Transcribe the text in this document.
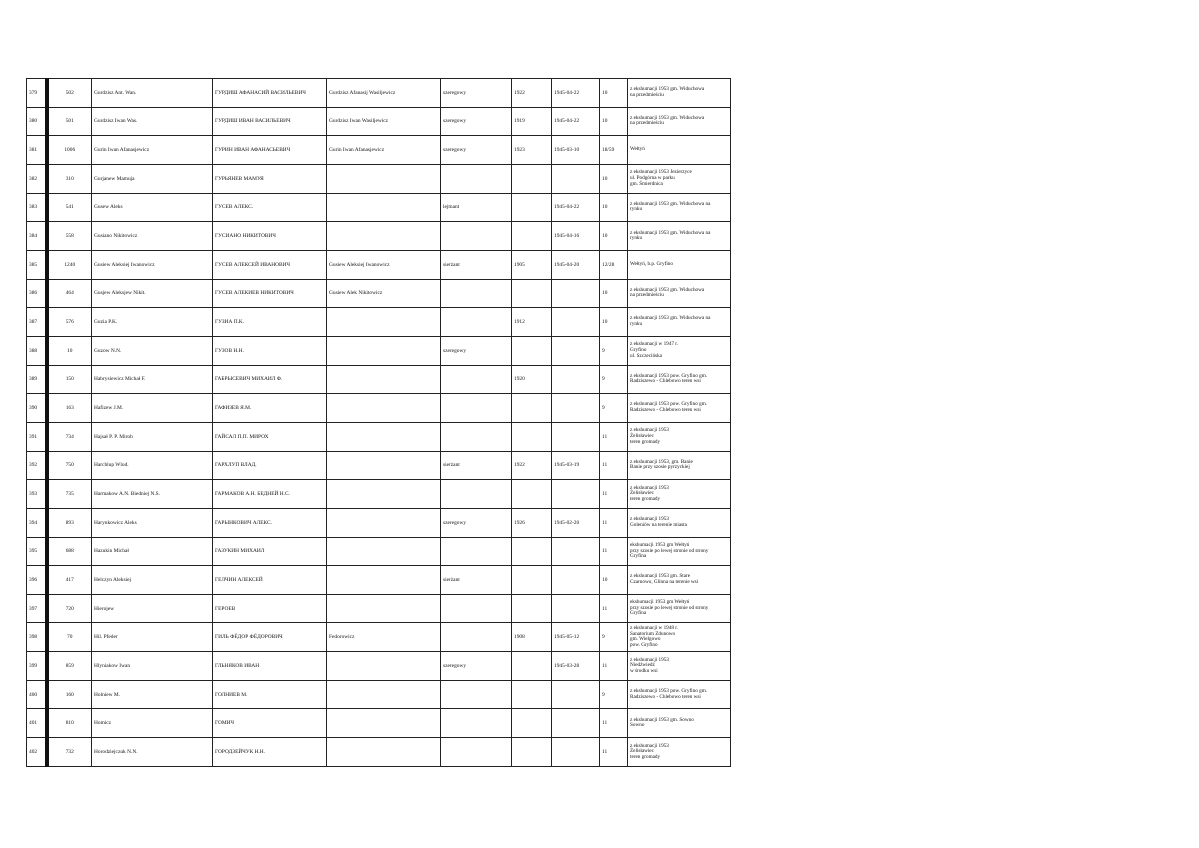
379	502	Gurdzisz Ant. Wan.	ГУРДИШ АФАНАСИЙ ВАСИЛЬЕВИЧ	Gurdzisz Afanasij Wasiljewicz	szeregowy	1922	1945-04-22	10	z ekshumacji 1953 gm. Widuchowa
na przedmieściu
380	501	Gurdzisz Iwan Was.	ГУРДИШ ИВАН ВАСИЛЬЕВИЧ	Gurdzisz Iwan Wasiljewicz	szeregowy	1919	1945-04-22	10	z ekshumacji 1953 gm. Widuchowa
na przedmieściu
381	1006	Gurin Iwan Afanasjewicz	ГУРИН ИВАН АФАНАСЬЕВИЧ	Gurin Iwan Afanasjewicz	szeregowy	1923	1945-03-10	18/59	Wełtyń
382	310	Gurjanew Mamuja	ГУРЬЯНЕВ МАМУЯ					10	z ekshumacji 1953 Jezierzyce
ul. Podgórna w parku
gm. Śmierdnica
383	541	Gusew Aleks	ГУСЕВ АЛЕКС.		lejtnant		1945-04-22	10	z ekshumacji 1953 gm. Widuchowa na
rynku
384	558	Gusiano Nikitowicz	ГУСИАНО НИКИТОВИЧ				1945-04-16	10	z ekshumacji 1953 gm. Widuchowa na
rynku
385	1240	Gusiew Aleksiej Iwanowicz	ГУСЕВ АЛЕКСЕЙ ИВАНОВИЧ	Gusiew Aleksiej Iwanowicz	sierżant	1905	1945-04-20	12/28	Wełtyń, b.p. Gryfino
386	464	Gusjew Aleksjew Nikit.	ГУСЕВ АЛЕКИЕВ НИКИТОВИЧ	Gusiew Alek Nikitowicz				10	z ekshumacji 1953 gm. Widuchowa
na przedmieściu
387	576	Guzia P.K.	ГУЗИА П.К.			1912		10	z ekshumacji 1953 gm. Widuchowa na
rynku
388	10	Guzow N.N.	ГУЗОВ Н.Н.		szeregowy			9	z ekshumacji w 1947 r.
Gryfino
ul. Szczecińska
389	150	Habrysiewicz Michał F.	ГАБРЫСЕВИЧ МИХАИЛ Ф.			1920		9	z ekshumacji 1953 pow. Gryfino gm.
Radziszewo - Chlebowo teren wsi
390	163	Hafizew J.M.	ГАФИЗЕВ Я.М.					9	z ekshumacji 1953 pow. Gryfino gm.
Radziszewo - Chlebowo teren wsi
391	734	Hajsał P. P. Mirob	ГАЙСАЛ П.П. МИРОХ					11	z ekshumacji 1953
Żelisławiec
teren gromady
392	750	Harchlup Wlod.	ГАРХЛУП ВЛАД.		sierżant	1922	1945-03-19	11	z ekshumacji 1953, gm. Banie
Banie przy szosie pyrzyckiej
393	735	Harmakow A.N. Biedniej N.S.	ГАРМАКОВ А.Н. БЕДНЕЙ Н.С.					11	z ekshumacji 1953
Żelisławiec
teren gromady
394	893	Harynkowicz Aleks	ГАРЫНКОВИЧ АЛЕКС.		szeregowy	1926	1945-02-20	11	z ekshumacji 1953
Goleniów na terenie miasta
395	688	Hazukin Michał	ГАЗУКИН МИХАИЛ					11	ekshumacji 1953 gm Wełtyń
przy szosie po lewej stronie od strony
Gryfina
396	417	Helczyn Aleksiej	ГЕЛЧИН АЛЕКСЕЙ		sierżant			10	z ekshumacji 1953 gm. Stare
Czarnowo, Glinna na terenie wsi
397	720	Hierojew	ГЕРОЕВ					11	ekshumacji 1953 gm Wełtyń
przy szosie po lewej stronie od strony
Gryfina
398	70	Hil. Pfeder	ГИЛЬ ФЁДОР ФЁДОРОВИЧ	Fedorowicz		1908	1945-05-12	9	z ekshumacji w 1948 r.
Sanatorium Zdunowo
gm. Wielgowo
pow. Gryfino
399	859	Hlyniakow Iwan	ГЛЬНЯКОВ ИВАН		szeregowy		1945-03-28	11	z ekshumacji 1953
Niedźwiedź
w środku wsi
400	160	Holniew M.	ГОЛНИЕВ М.					9	z ekshumacji 1953 pow. Gryfino gm.
Radziszewo - Chlebowo teren wsi
401	810	Homicz	ГОМИЧ					11	z ekshumacji 1953 gm. Sowno
Sowno
402	732	Horodziejczuk N.N.	ГОРОДЗЕЙЧУК Н.Н.					11	z ekshumacji 1953
Żelisławiec
teren gromady
